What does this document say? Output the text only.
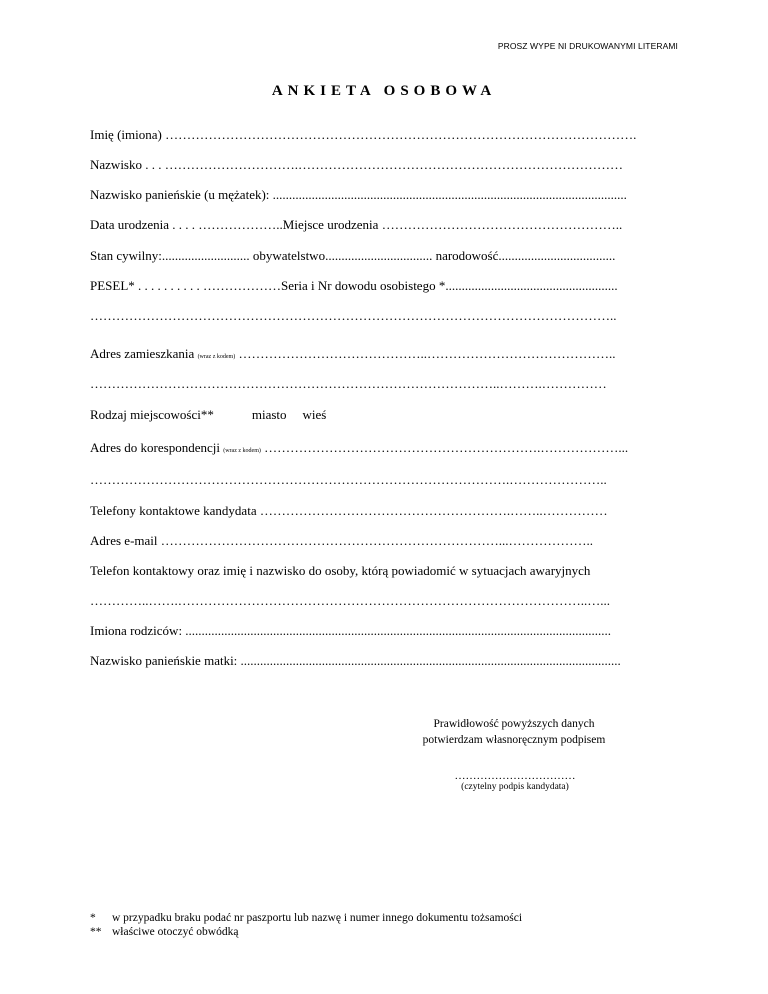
PROSZ WYPE NI DRUKOWANYMI LITERAMI
ANKIETA OSOBOWA
Imię (imiona) ……………………………………………………………………………………………….
Nazwisko . . . ………………………….…………………………………………………………………
Nazwisko panieńskie (u mężatek): .............................................................................................................
Data urodzenia . . . . ………………..Miejsce urodzenia ………………………………………………..
Stan cywilny:........................... obywatelstwo................................. narodowość....................................
PESEL* . . . . . . . . . . ………………Seria i Nr dowodu osobistego *.....................................................
…………………………………………………………………………………………………………..
Adres zamieszkania (wraz z kodem) ……………………………………..……………………………………..
…………………………………………………………………………………..……….……………
Rodzaj miejscowości**	miasto wieś
Adres do korespondencji (wraz z kodem) ……………………………………………………….………………...
…………………………………………………………………………………….…………………..
Telefony kontaktowe kandydata ………………………………………………….……..……………
Adres e-mail ……………………………………………………………………...………………..
Telefon kontaktowy oraz imię i nazwisko do osoby, którą powiadomić w sytuacjach awaryjnych
…………..…….…………………………………………………………………………………..…...
Imiona rodziców: ...................................................................................................................................
Nazwisko panieńskie matki: .....................................................................................................................
Prawidłowość powyższych danych
potwierdzam własnoręcznym podpisem
……………………………
(czytelny podpis kandydata)
* w przypadku braku podać nr paszportu lub nazwę i numer innego dokumentu tożsamości
** właściwe otoczyć obwódką
